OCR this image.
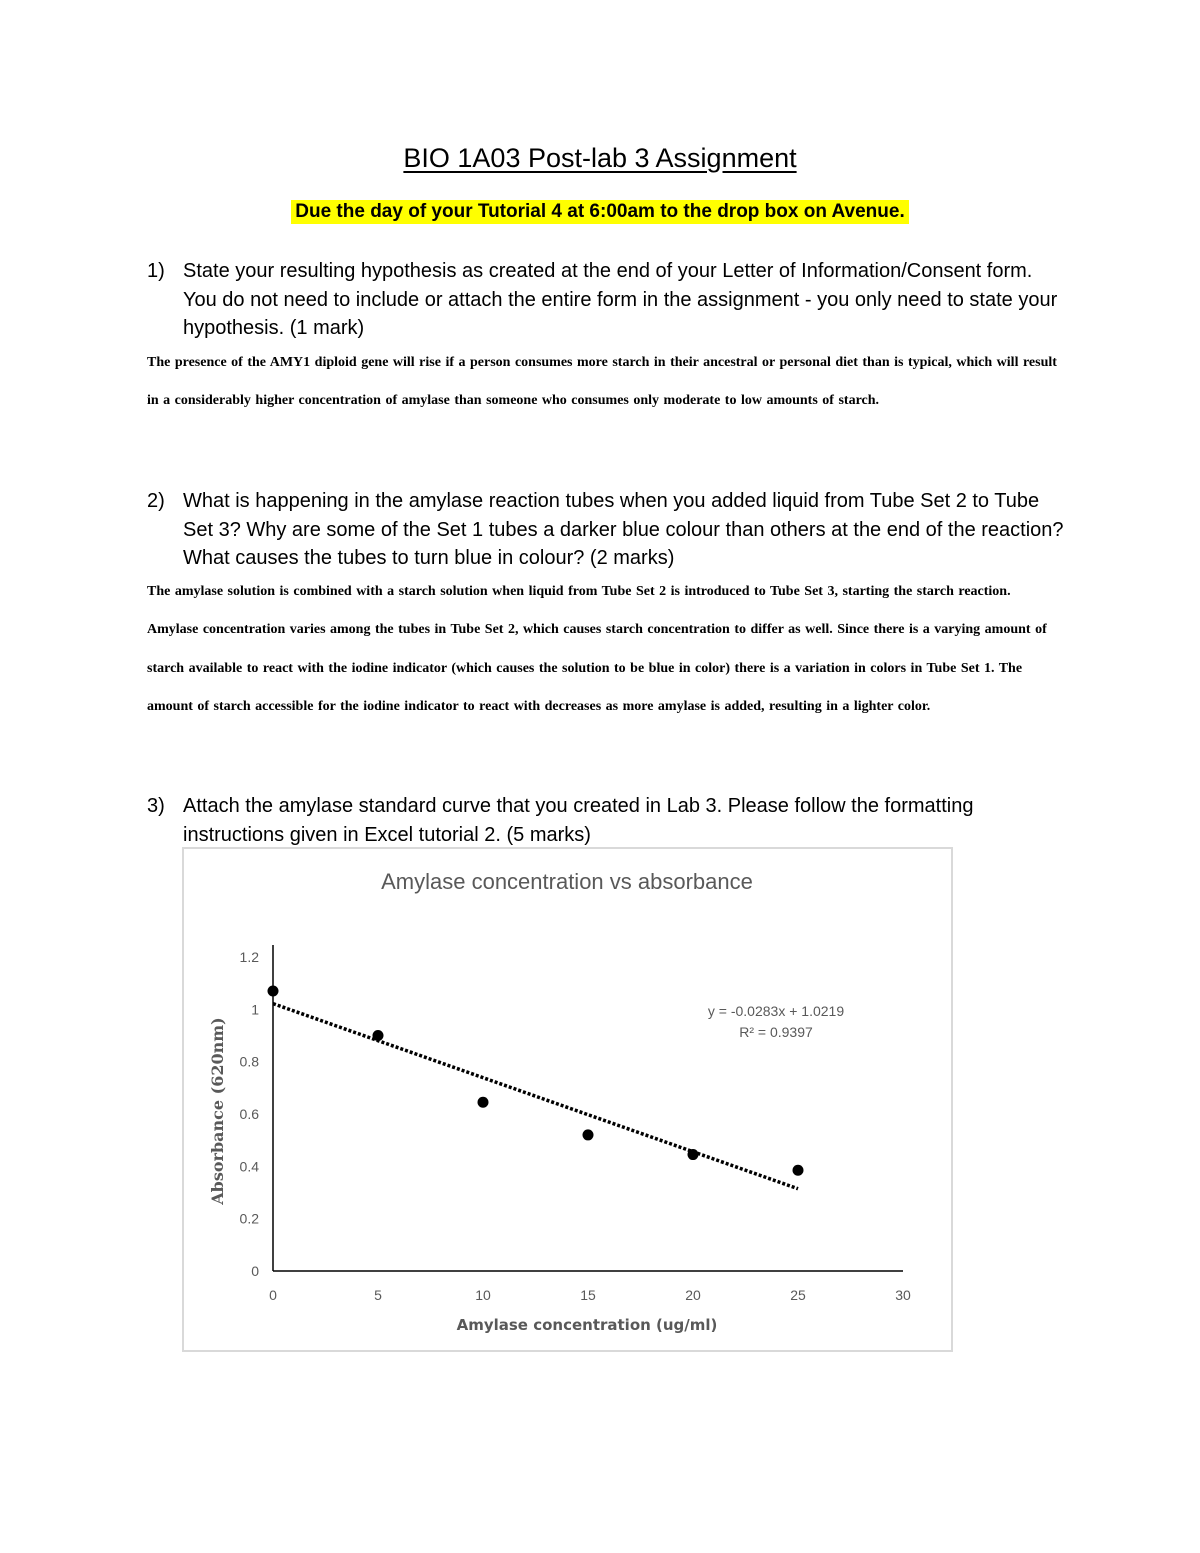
BIO 1A03 Post-lab 3 Assignment
Due the day of your Tutorial 4 at 6:00am to the drop box on Avenue.
1) State your resulting hypothesis as created at the end of your Letter of Information/Consent form. You do not need to include or attach the entire form in the assignment - you only need to state your hypothesis. (1 mark)
The presence of the AMY1 diploid gene will rise if a person consumes more starch in their ancestral or personal diet than is typical, which will result in a considerably higher concentration of amylase than someone who consumes only moderate to low amounts of starch.
2) What is happening in the amylase reaction tubes when you added liquid from Tube Set 2 to Tube Set 3? Why are some of the Set 1 tubes a darker blue colour than others at the end of the reaction? What causes the tubes to turn blue in colour? (2 marks)
The amylase solution is combined with a starch solution when liquid from Tube Set 2 is introduced to Tube Set 3, starting the starch reaction. Amylase concentration varies among the tubes in Tube Set 2, which causes starch concentration to differ as well. Since there is a varying amount of starch available to react with the iodine indicator (which causes the solution to be blue in color) there is a variation in colors in Tube Set 1. The amount of starch accessible for the iodine indicator to react with decreases as more amylase is added, resulting in a lighter color.
3) Attach the amylase standard curve that you created in Lab 3. Please follow the formatting instructions given in Excel tutorial 2. (5 marks)
Amylase concentration vs absorbance
Amylase concentration (ug/ml)
Absorbance (620nm)
0
0.2
0.4
0.6
0.8
1
1.2
0	5	10	15	20	25	30
y = -0.0283x + 1.0219
R² = 0.9397
